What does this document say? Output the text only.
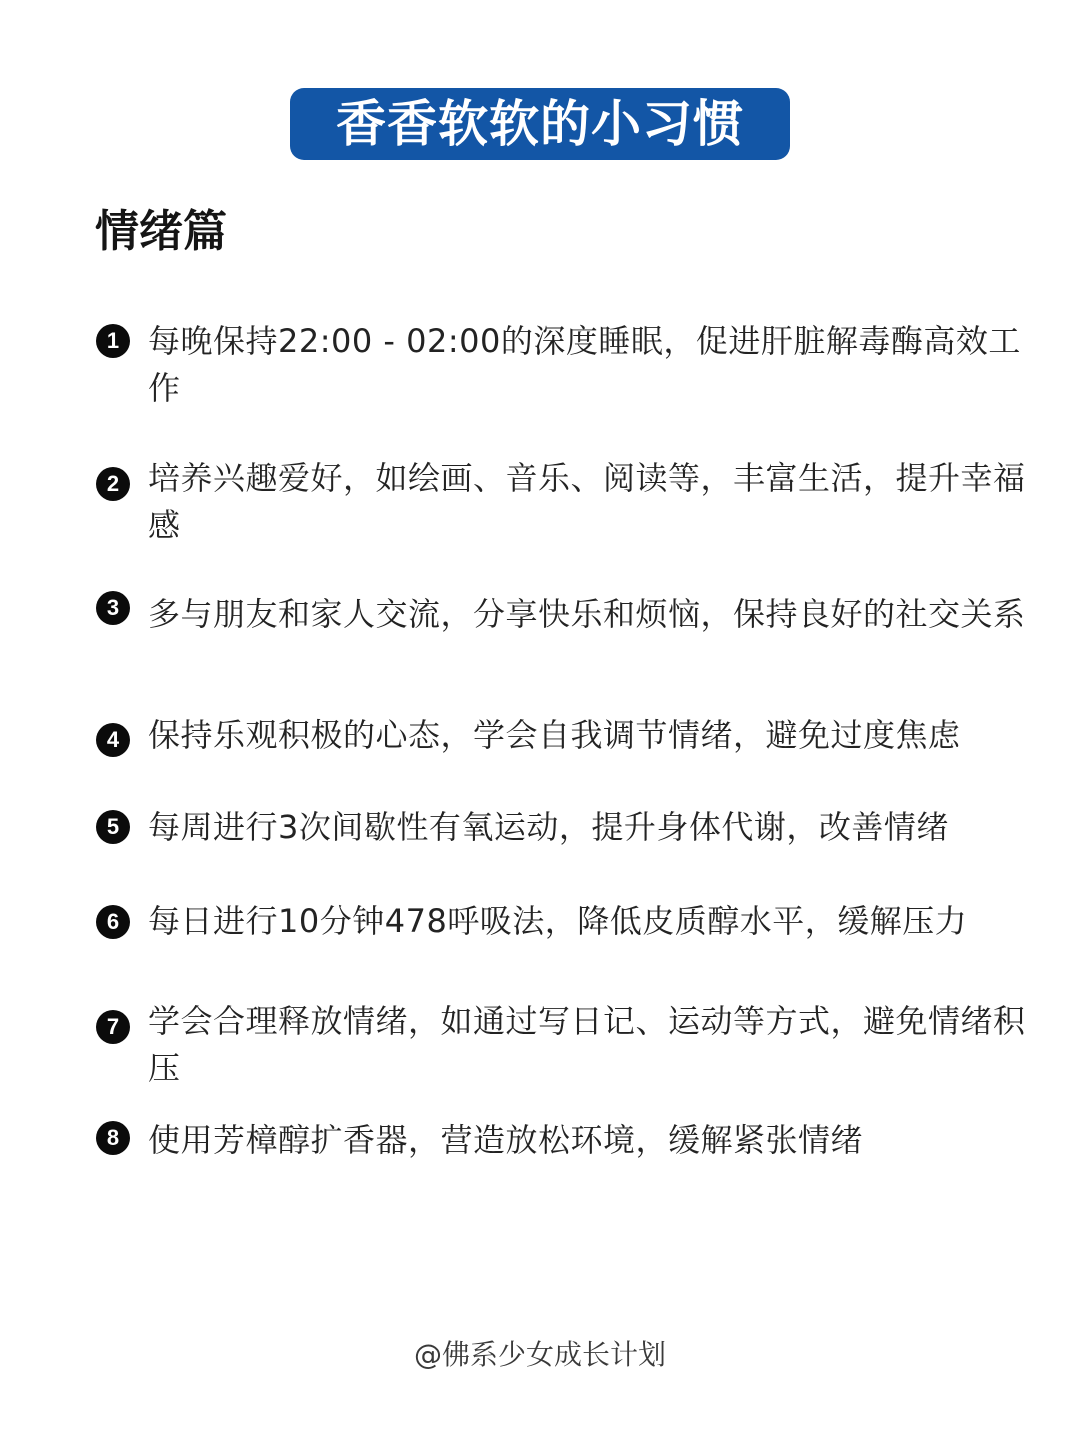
香香软软的小习惯
情绪篇
1 每晚保持22:00 - 02:00的深度睡眠，促进肝脏解毒酶高效工作
2 培养兴趣爱好，如绘画、音乐、阅读等，丰富生活，提升幸福感
3 多与朋友和家人交流，分享快乐和烦恼，保持良好的社交关系
4 保持乐观积极的心态，学会自我调节情绪，避免过度焦虑
5 每周进行3次间歇性有氧运动，提升身体代谢，改善情绪
6 每日进行10分钟478呼吸法，降低皮质醇水平，缓解压力
7 学会合理释放情绪，如通过写日记、运动等方式，避免情绪积压
8 使用芳樟醇扩香器，营造放松环境，缓解紧张情绪
@佛系少女成长计划
